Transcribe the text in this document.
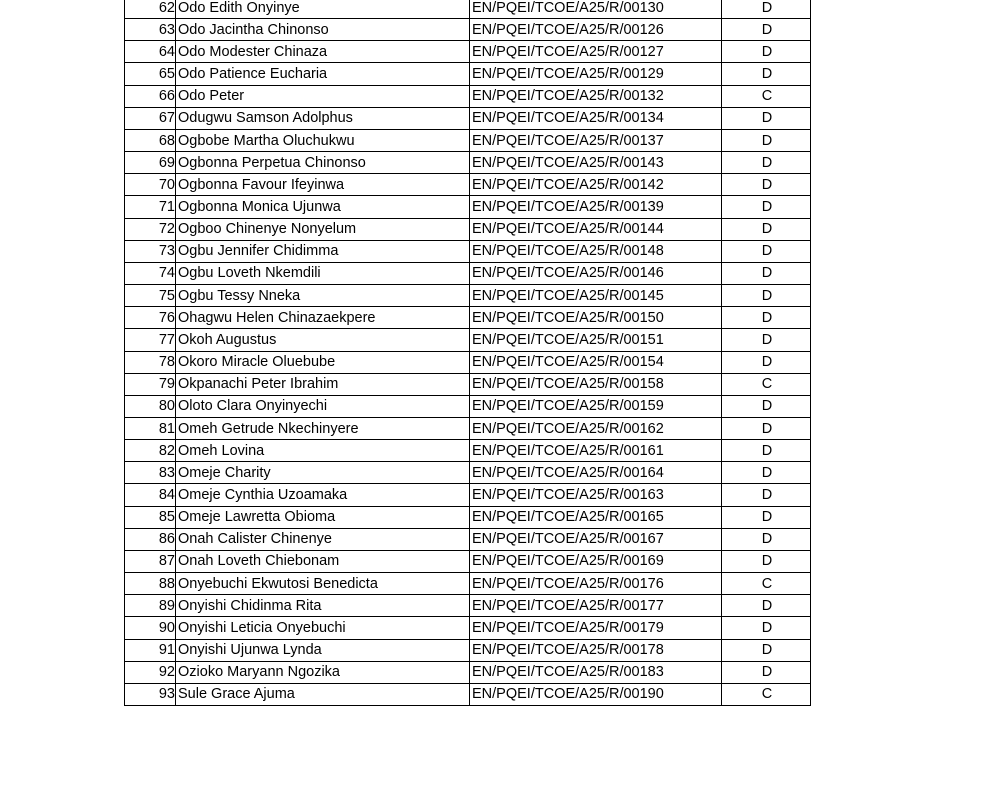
62	Odo Edith Onyinye	EN/PQEI/TCOE/A25/R/00130	D
63	Odo Jacintha Chinonso	EN/PQEI/TCOE/A25/R/00126	D
64	Odo Modester Chinaza	EN/PQEI/TCOE/A25/R/00127	D
65	Odo Patience Eucharia	EN/PQEI/TCOE/A25/R/00129	D
66	Odo Peter	EN/PQEI/TCOE/A25/R/00132	C
67	Odugwu Samson Adolphus	EN/PQEI/TCOE/A25/R/00134	D
68	Ogbobe Martha Oluchukwu	EN/PQEI/TCOE/A25/R/00137	D
69	Ogbonna Perpetua Chinonso	EN/PQEI/TCOE/A25/R/00143	D
70	Ogbonna Favour Ifeyinwa	EN/PQEI/TCOE/A25/R/00142	D
71	Ogbonna Monica Ujunwa	EN/PQEI/TCOE/A25/R/00139	D
72	Ogboo Chinenye Nonyelum	EN/PQEI/TCOE/A25/R/00144	D
73	Ogbu Jennifer Chidimma	EN/PQEI/TCOE/A25/R/00148	D
74	Ogbu Loveth Nkemdili	EN/PQEI/TCOE/A25/R/00146	D
75	Ogbu Tessy Nneka	EN/PQEI/TCOE/A25/R/00145	D
76	Ohagwu Helen Chinazaekpere	EN/PQEI/TCOE/A25/R/00150	D
77	Okoh Augustus	EN/PQEI/TCOE/A25/R/00151	D
78	Okoro Miracle Oluebube	EN/PQEI/TCOE/A25/R/00154	D
79	Okpanachi Peter Ibrahim	EN/PQEI/TCOE/A25/R/00158	C
80	Oloto Clara Onyinyechi	EN/PQEI/TCOE/A25/R/00159	D
81	Omeh Getrude Nkechinyere	EN/PQEI/TCOE/A25/R/00162	D
82	Omeh Lovina	EN/PQEI/TCOE/A25/R/00161	D
83	Omeje Charity	EN/PQEI/TCOE/A25/R/00164	D
84	Omeje Cynthia Uzoamaka	EN/PQEI/TCOE/A25/R/00163	D
85	Omeje Lawretta Obioma	EN/PQEI/TCOE/A25/R/00165	D
86	Onah Calister Chinenye	EN/PQEI/TCOE/A25/R/00167	D
87	Onah Loveth Chiebonam	EN/PQEI/TCOE/A25/R/00169	D
88	Onyebuchi Ekwutosi Benedicta	EN/PQEI/TCOE/A25/R/00176	C
89	Onyishi Chidinma Rita	EN/PQEI/TCOE/A25/R/00177	D
90	Onyishi Leticia Onyebuchi	EN/PQEI/TCOE/A25/R/00179	D
91	Onyishi Ujunwa Lynda	EN/PQEI/TCOE/A25/R/00178	D
92	Ozioko Maryann Ngozika	EN/PQEI/TCOE/A25/R/00183	D
93	Sule Grace Ajuma	EN/PQEI/TCOE/A25/R/00190	C
